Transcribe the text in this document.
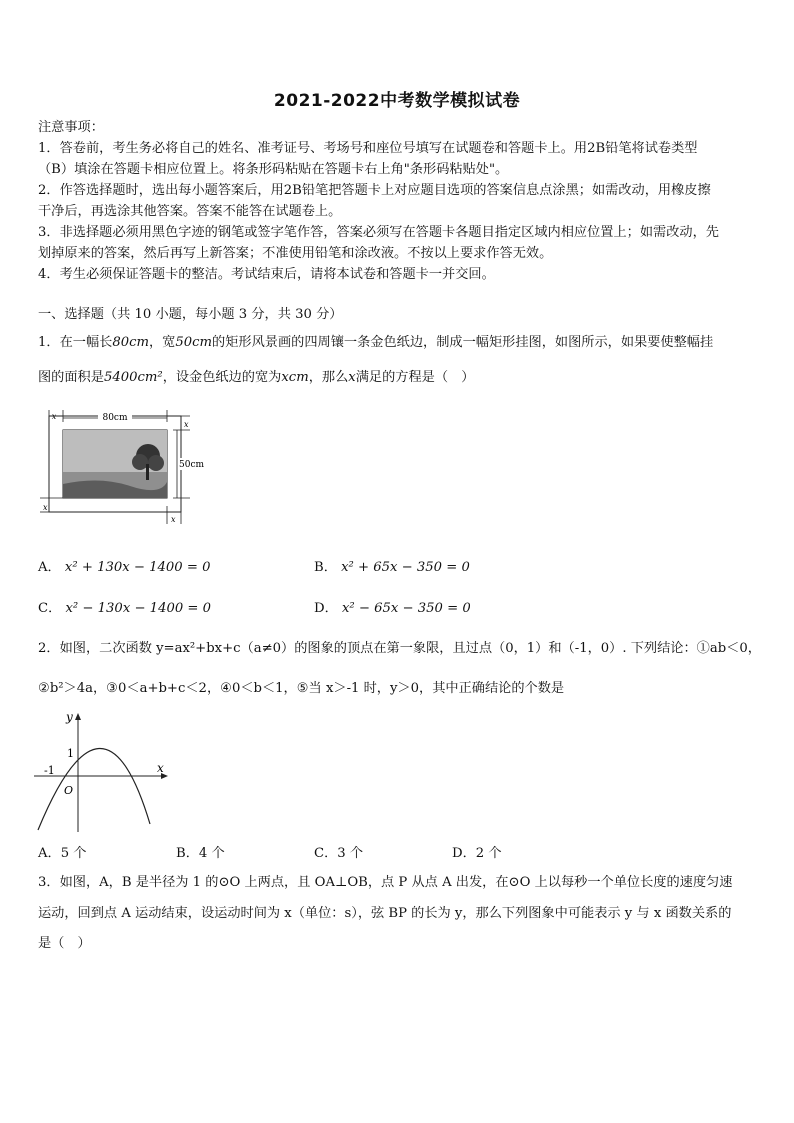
2021-2022中考数学模拟试卷
注意事项：
1．答卷前，考生务必将自己的姓名、准考证号、考场号和座位号填写在试题卷和答题卡上。用2B铅笔将试卷类型
（B）填涂在答题卡相应位置上。将条形码粘贴在答题卡右上角"条形码粘贴处"。
2．作答选择题时，选出每小题答案后，用2B铅笔把答题卡上对应题目选项的答案信息点涂黑；如需改动，用橡皮擦
干净后，再选涂其他答案。答案不能答在试题卷上。
3．非选择题必须用黑色字迹的钢笔或签字笔作答，答案必须写在答题卡各题目指定区域内相应位置上；如需改动，先
划掉原来的答案，然后再写上新答案；不准使用铅笔和涂改液。不按以上要求作答无效。
4．考生必须保证答题卡的整洁。考试结束后，请将本试卷和答题卡一并交回。
一、选择题（共 10 小题，每小题 3 分，共 30 分）
1．在一幅长80cm，宽50cm的矩形风景画的四周镶一条金色纸边，制成一幅矩形挂图，如图所示，如果要使整幅挂
图的面积是5400cm²，设金色纸边的宽为xcm，那么x满足的方程是（　）
80cm
x
50cm
x
x
x
A． x² + 130x − 1400 = 0	B． x² + 65x − 350 = 0
C． x² − 130x − 1400 = 0	D． x² − 65x − 350 = 0
2．如图，二次函数 y=ax²+bx+c（a≠0）的图象的顶点在第一象限，且过点（0，1）和（-1，0）. 下列结论：①ab＜0，
②b²＞4a，③0＜a+b+c＜2，④0＜b＜1，⑤当 x＞-1 时，y＞0，其中正确结论的个数是
y
x
1
-1
O
A．5 个	B．4 个	C．3 个	D．2 个
3．如图，A，B 是半径为 1 的⊙O 上两点，且 OA⊥OB，点 P 从点 A 出发，在⊙O 上以每秒一个单位长度的速度匀速
运动，回到点 A 运动结束，设运动时间为 x（单位：s），弦 BP 的长为 y，那么下列图象中可能表示 y 与 x 函数关系的
是（　）
